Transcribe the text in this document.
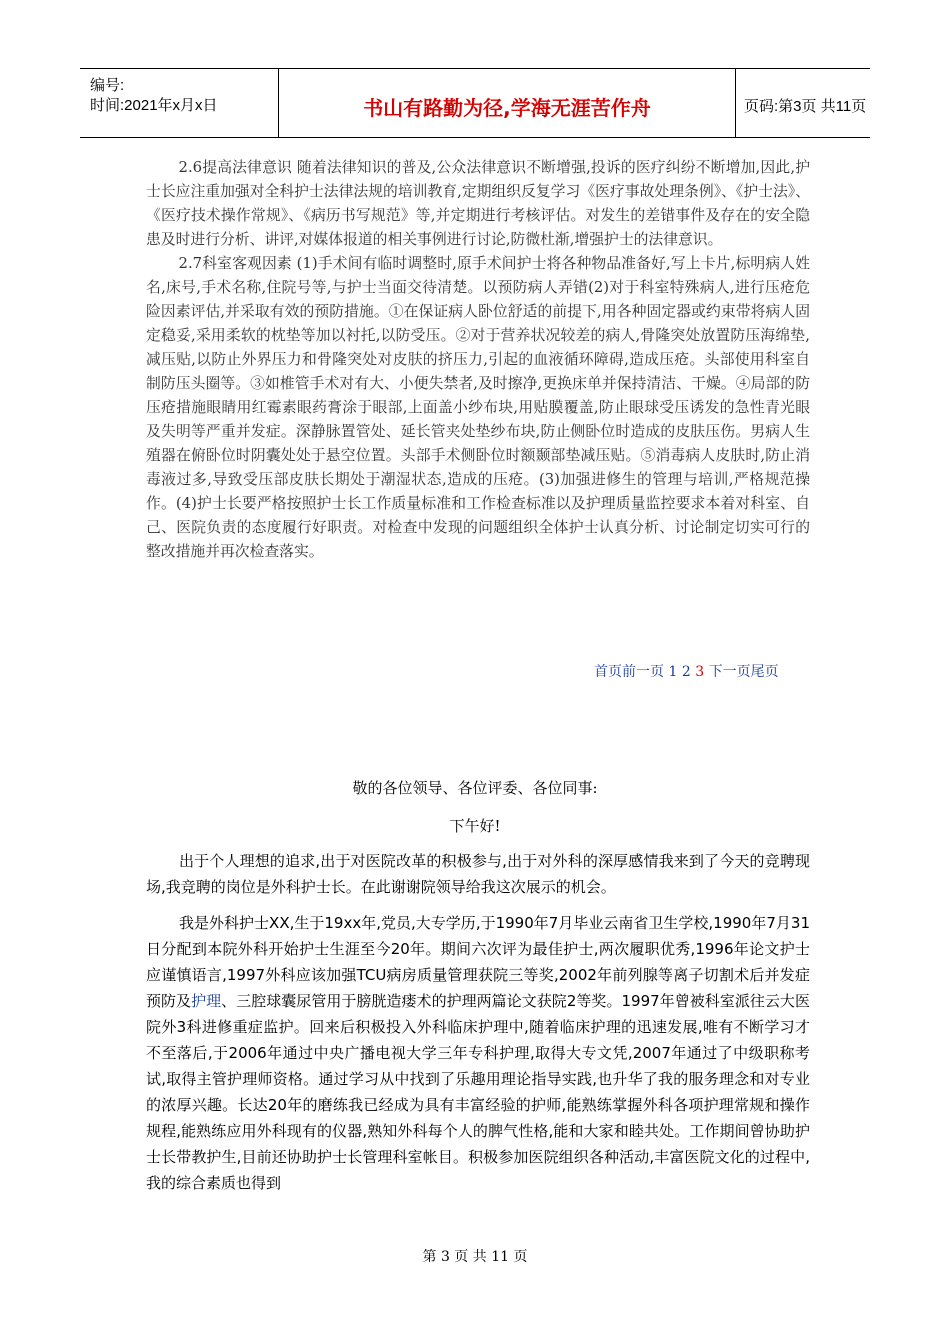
编号:
时间:2021年x月x日	书山有路勤为径,学海无涯苦作舟	页码:第3页 共11页

2.6提高法律意识 随着法律知识的普及,公众法律意识不断增强,投诉的医疗纠纷不断增加,因此,护士长应注重加强对全科护士法律法规的培训教育,定期组织反复学习《医疗事故处理条例》、《护士法》、《医疗技术操作常规》、《病历书写规范》等,并定期进行考核评估。对发生的差错事件及存在的安全隐患及时进行分析、讲评,对媒体报道的相关事例进行讨论,防微杜渐,增强护士的法律意识。

2.7科室客观因素 (1)手术间有临时调整时,原手术间护士将各种物品准备好,写上卡片,标明病人姓名,床号,手术名称,住院号等,与护士当面交待清楚。以预防病人弄错(2)对于科室特殊病人,进行压疮危险因素评估,并采取有效的预防措施。①在保证病人卧位舒适的前提下,用各种固定器或约束带将病人固定稳妥,采用柔软的枕垫等加以衬托,以防受压。②对于营养状况较差的病人,骨隆突处放置防压海绵垫,减压贴,以防止外界压力和骨隆突处对皮肤的挤压力,引起的血液循环障碍,造成压疮。头部使用科室自制防压头圈等。③如椎管手术对有大、小便失禁者,及时擦净,更换床单并保持清洁、干燥。④局部的防压疮措施眼睛用红霉素眼药膏涂于眼部,上面盖小纱布块,用贴膜覆盖,防止眼球受压诱发的急性青光眼及失明等严重并发症。深静脉置管处、延长管夹处垫纱布块,防止侧卧位时造成的皮肤压伤。男病人生殖器在俯卧位时阴囊处处于悬空位置。头部手术侧卧位时额颞部垫减压贴。⑤消毒病人皮肤时,防止消毒液过多,导致受压部皮肤长期处于潮湿状态,造成的压疮。(3)加强进修生的管理与培训,严格规范操作。(4)护士长要严格按照护士长工作质量标准和工作检查标准以及护理质量监控要求本着对科室、自己、医院负责的态度履行好职责。对检查中发现的问题组织全体护士认真分析、讨论制定切实可行的整改措施并再次检查落实。

首页前一页 1 2 3 下一页尾页
敬的各位领导、各位评委、各位同事:
下午好!

出于个人理想的追求,出于对医院改革的积极参与,出于对外科的深厚感情我来到了今天的竞聘现场,我竞聘的岗位是外科护士长。在此谢谢院领导给我这次展示的机会。

我是外科护士XX,生于19xx年,党员,大专学历,于1990年7月毕业云南省卫生学校,1990年7月31日分配到本院外科开始护士生涯至今20年。期间六次评为最佳护士,两次履职优秀,1996年论文护士应谨慎语言,1997外科应该加强TCU病房质量管理获院三等奖,2002年前列腺等离子切割术后并发症预防及护理、三腔球囊尿管用于膀胱造瘘术的护理两篇论文获院2等奖。1997年曾被科室派往云大医院外3科进修重症监护。回来后积极投入外科临床护理中,随着临床护理的迅速发展,唯有不断学习才不至落后,于2006年通过中央广播电视大学三年专科护理,取得大专文凭,2007年通过了中级职称考试,取得主管护理师资格。通过学习从中找到了乐趣用理论指导实践,也升华了我的服务理念和对专业的浓厚兴趣。长达20年的磨练我已经成为具有丰富经验的护师,能熟练掌握外科各项护理常规和操作规程,能熟练应用外科现有的仪器,熟知外科每个人的脾气性格,能和大家和睦共处。工作期间曾协助护士长带教护生,目前还协助护士长管理科室帐目。积极参加医院组织各种活动,丰富医院文化的过程中,我的综合素质也得到

第 3 页 共 11 页
